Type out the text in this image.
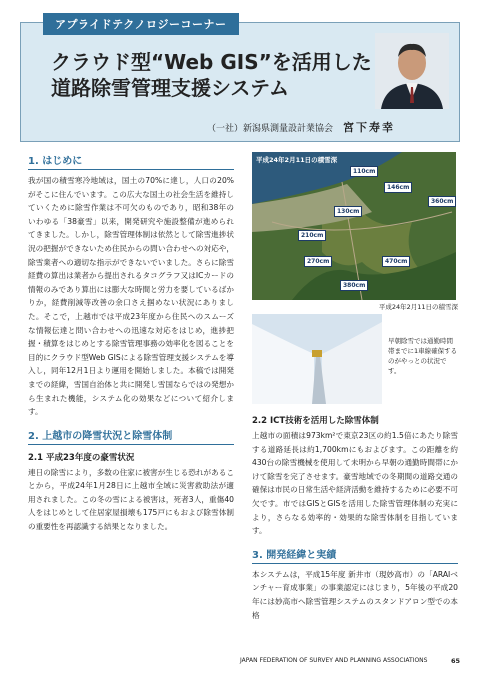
アプライドテクノロジーコーナー
クラウド型“Web GIS”を活用した
道路除雪管理支援システム
（一社）新潟県測量設計業協会 宮下寿幸
1. はじめに

我が国の積雪寒冷地域は，国土の70%に達し，人口の20%がそこに住んでいます。この広大な国土の社会生活を維持していくために除雪作業は不可欠のものであり，昭和38年のいわゆる「38豪雪」以来，開発研究や施設整備が進められてきました。しかし，除雪管理体制は依然として除雪進捗状況の把握ができないため住民からの問い合わせへの対応や，除雪業者への適切な指示ができないでいました。さらに除雪経費の算出は業者から提出されるタコグラフ又はICカードの情報のみであり算出には膨大な時間と労力を要しているばかりか，経費削減等改善の余口さえ掴めない状況にありました。そこで，上越市では平成23年度から住民へのスムーズな情報伝達と問い合わせへの迅速な対応をはじめ，進捗把握・積算をはじめとする除雪管理事務の効率化を図ることを目的にクラウド型Web GISによる除雪管理支援システムを導入し，同年12月1日より運用を開始しました。本稿では開発までの経緯，雪国自治体と共に開発し雪国ならではの発想から生まれた機能，システム化の効果などについて紹介します。

2. 上越市の降雪状況と除雪体制
2.1 平成23年度の豪雪状況

連日の除雪により，多数の住家に被害が生じる恐れがあることから，平成24年1月28日に上越市全域に災害救助法が適用されました。この冬の雪による被害は，死者3人，重傷40人をはじめとして住居家屋損壊も175戸にもおよび除雪体制の重要性を再認識する結果となりました。

平成24年2月11日の積雪深
110cm
146cm
360cm
130cm
210cm
470cm
270cm
380cm
平成24年2月11日の積雪深
早朝除雪では通勤時間帯までに1車線確保するのがやっとの状況です。
2.2 ICT技術を活用した除雪体制

上越市の面積は973km²で東京23区の約1.5倍にあたり除雪する道路延長は約1,700kmにもおよびます。この距離を約430台の除雪機械を使用して未明から早朝の通勤時間帯にかけて除雪を完了させます。豪雪地域での冬期間の道路交通の確保は市民の日常生活や経済活動を維持するために必要不可欠です。市ではGISとGISを活用した除雪管理体制の充実により，さらなる効率的・効果的な除雪体制を目指しています。

3. 開発経緯と実績

本システムは，平成15年度 新井市（現妙高市）の「ARAIベンチャー育成事業」の事業認定にはじまり，5年後の平成20年には妙高市へ除雪管理システムのスタンドアロン型での本格

JAPAN FEDERATION OF SURVEY AND PLANNING ASSOCIATIONS	65
